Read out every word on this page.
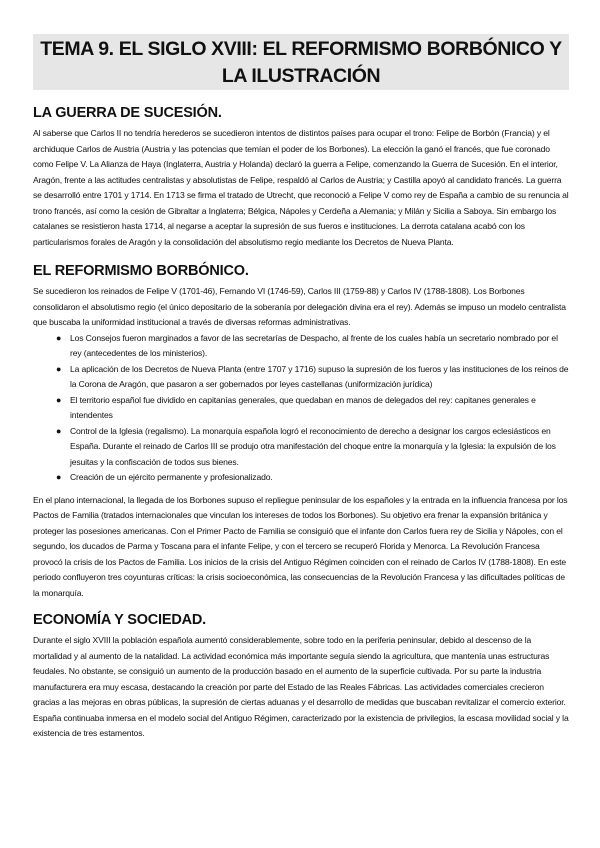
TEMA 9. EL SIGLO XVIII: EL REFORMISMO BORBÓNICO Y LA ILUSTRACIÓN
LA GUERRA DE SUCESIÓN.

Al saberse que Carlos II no tendría herederos se sucedieron intentos de distintos países para ocupar el trono: Felipe de Borbón (Francia) y el archiduque Carlos de Austria (Austria y las potencias que temían el poder de los Borbones). La elección la ganó el francés, que fue coronado como Felipe V. La Alianza de Haya (Inglaterra, Austria y Holanda) declaró la guerra a Felipe, comenzando la Guerra de Sucesión. En el interior, Aragón, frente a las actitudes centralistas y absolutistas de Felipe, respaldó al Carlos de Austria; y Castilla apoyó al candidato francés. La guerra se desarrolló entre 1701 y 1714. En 1713 se firma el tratado de Utrecht, que reconoció a Felipe V como rey de España a cambio de su renuncia al trono francés, así como la cesión de Gibraltar a Inglaterra; Bélgica, Nápoles y Cerdeña a Alemania; y Milán y Sicilia a Saboya. Sin embargo los catalanes se resistieron hasta 1714, al negarse a aceptar la supresión de sus fueros e instituciones. La derrota catalana acabó con los particularismos forales de Aragón y la consolidación del absolutismo regio mediante los Decretos de Nueva Planta.

EL REFORMISMO BORBÓNICO.

Se sucedieron los reinados de Felipe V (1701-46), Fernando VI (1746-59), Carlos III (1759-88) y Carlos IV (1788-1808). Los Borbones consolidaron el absolutismo regio (el único depositario de la soberanía por delegación divina era el rey). Además se impuso un modelo centralista que buscaba la uniformidad institucional a través de diversas reformas administrativas.

● Los Consejos fueron marginados a favor de las secretarías de Despacho, al frente de los cuales había un secretario nombrado por el rey (antecedentes de los ministerios).
● La aplicación de los Decretos de Nueva Planta (entre 1707 y 1716) supuso la supresión de los fueros y las instituciones de los reinos de la Corona de Aragón, que pasaron a ser gobernados por leyes castellanas (uniformización jurídica)
● El territorio español fue dividido en capitanías generales, que quedaban en manos de delegados del rey: capitanes generales e intendentes
● Control de la Iglesia (regalismo). La monarquía española logró el reconocimiento de derecho a designar los cargos eclesiásticos en España. Durante el reinado de Carlos III se produjo otra manifestación del choque entre la monarquía y la Iglesia: la expulsión de los jesuitas y la confiscación de todos sus bienes.
● Creación de un ejército permanente y profesionalizado.

En el plano internacional, la llegada de los Borbones supuso el repliegue peninsular de los españoles y la entrada en la influencia francesa por los Pactos de Familia (tratados internacionales que vinculan los intereses de todos los Borbones). Su objetivo era frenar la expansión británica y proteger las posesiones americanas. Con el Primer Pacto de Familia se consiguió que el infante don Carlos fuera rey de Sicilia y Nápoles, con el segundo, los ducados de Parma y Toscana para el infante Felipe, y con el tercero se recuperó Florida y Menorca. La Revolución Francesa provocó la crisis de los Pactos de Familia. Los inicios de la crisis del Antiguo Régimen coinciden con el reinado de Carlos IV (1788-1808). En este periodo confluyeron tres coyunturas críticas: la crisis socioeconómica, las consecuencias de la Revolución Francesa y las dificultades políticas de la monarquía.

ECONOMÍA Y SOCIEDAD.

Durante el siglo XVIII la población española aumentó considerablemente, sobre todo en la periferia peninsular, debido al descenso de la mortalidad y al aumento de la natalidad. La actividad económica más importante seguía siendo la agricultura, que mantenía unas estructuras feudales. No obstante, se consiguió un aumento de la producción basado en el aumento de la superficie cultivada. Por su parte la industria manufacturera era muy escasa, destacando la creación por parte del Estado de las Reales Fábricas. Las actividades comerciales crecieron gracias a las mejoras en obras públicas, la supresión de ciertas aduanas y el desarrollo de medidas que buscaban revitalizar el comercio exterior. España continuaba inmersa en el modelo social del Antiguo Régimen, caracterizado por la existencia de privilegios, la escasa movilidad social y la existencia de tres estamentos.
